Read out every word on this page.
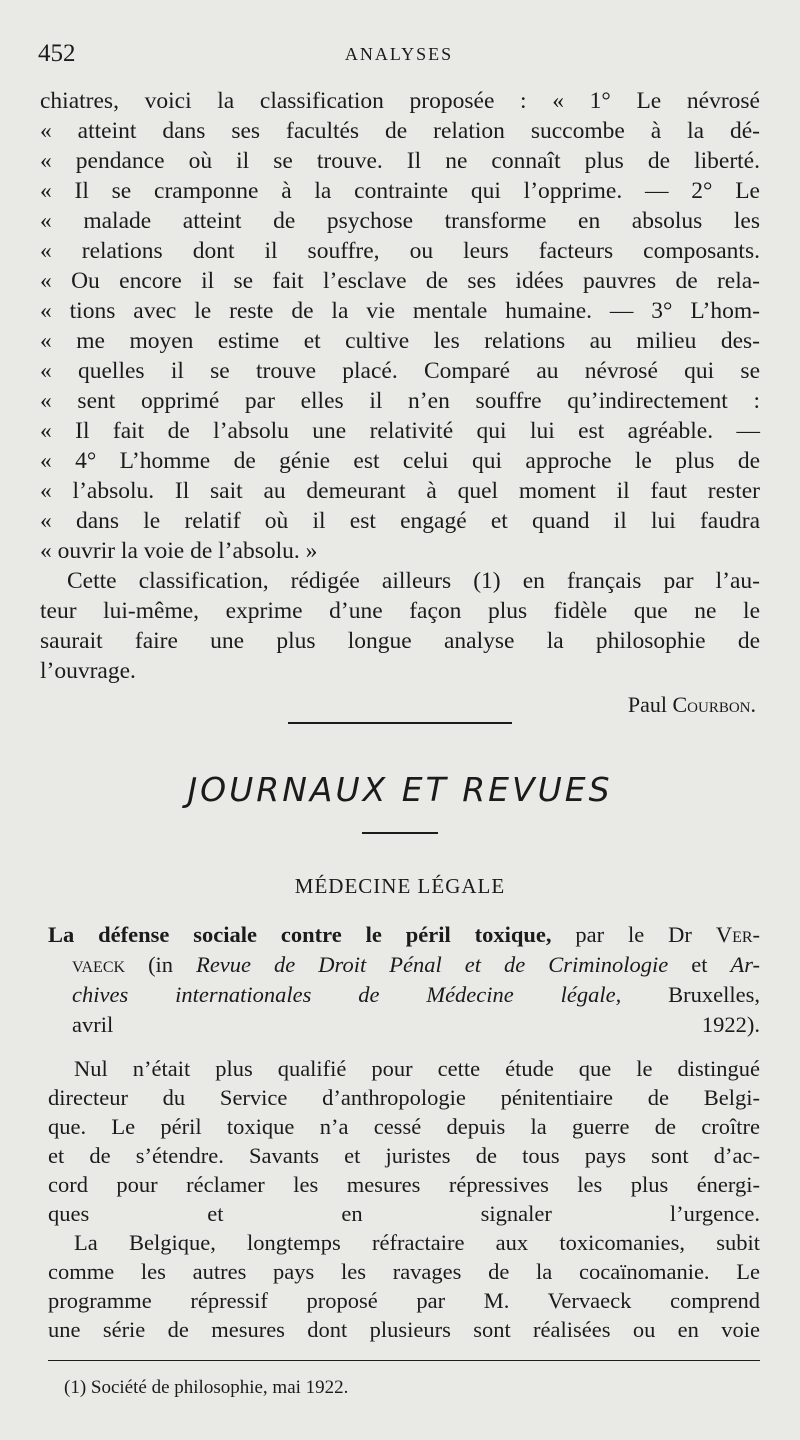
452	ANALYSES
chiatres, voici la classification proposée : « 1° Le névrosé
« atteint dans ses facultés de relation succombe à la dé-
« pendance où il se trouve. Il ne connaît plus de liberté.
« Il se cramponne à la contrainte qui l’opprime. — 2° Le
« malade atteint de psychose transforme en absolus les
« relations dont il souffre, ou leurs facteurs composants.
« Ou encore il se fait l’esclave de ses idées pauvres de rela-
« tions avec le reste de la vie mentale humaine. — 3° L’hom-
« me moyen estime et cultive les relations au milieu des-
« quelles il se trouve placé. Comparé au névrosé qui se
« sent opprimé par elles il n’en souffre qu’indirectement :
« Il fait de l’absolu une relativité qui lui est agréable. —
« 4° L’homme de génie est celui qui approche le plus de
« l’absolu. Il sait au demeurant à quel moment il faut rester
« dans le relatif où il est engagé et quand il lui faudra
« ouvrir la voie de l’absolu. »
Cette classification, rédigée ailleurs (1) en français par l’au-
teur lui-même, exprime d’une façon plus fidèle que ne le
saurait faire une plus longue analyse la philosophie de
l’ouvrage.
Paul Courbon.
JOURNAUX ET REVUES
MÉDECINE LÉGALE
La défense sociale contre le péril toxique, par le Dr Ver-
vaeck (in Revue de Droit Pénal et de Criminologie et Ar-
chives internationales de Médecine légale, Bruxelles,
avril 1922).
Nul n’était plus qualifié pour cette étude que le distingué
directeur du Service d’anthropologie pénitentiaire de Belgi-
que. Le péril toxique n’a cessé depuis la guerre de croître
et de s’étendre. Savants et juristes de tous pays sont d’ac-
cord pour réclamer les mesures répressives les plus énergi-
ques et en signaler l’urgence.
La Belgique, longtemps réfractaire aux toxicomanies, subit
comme les autres pays les ravages de la cocaïnomanie. Le
programme répressif proposé par M. Vervaeck comprend
une série de mesures dont plusieurs sont réalisées ou en voie
(1) Société de philosophie, mai 1922.
